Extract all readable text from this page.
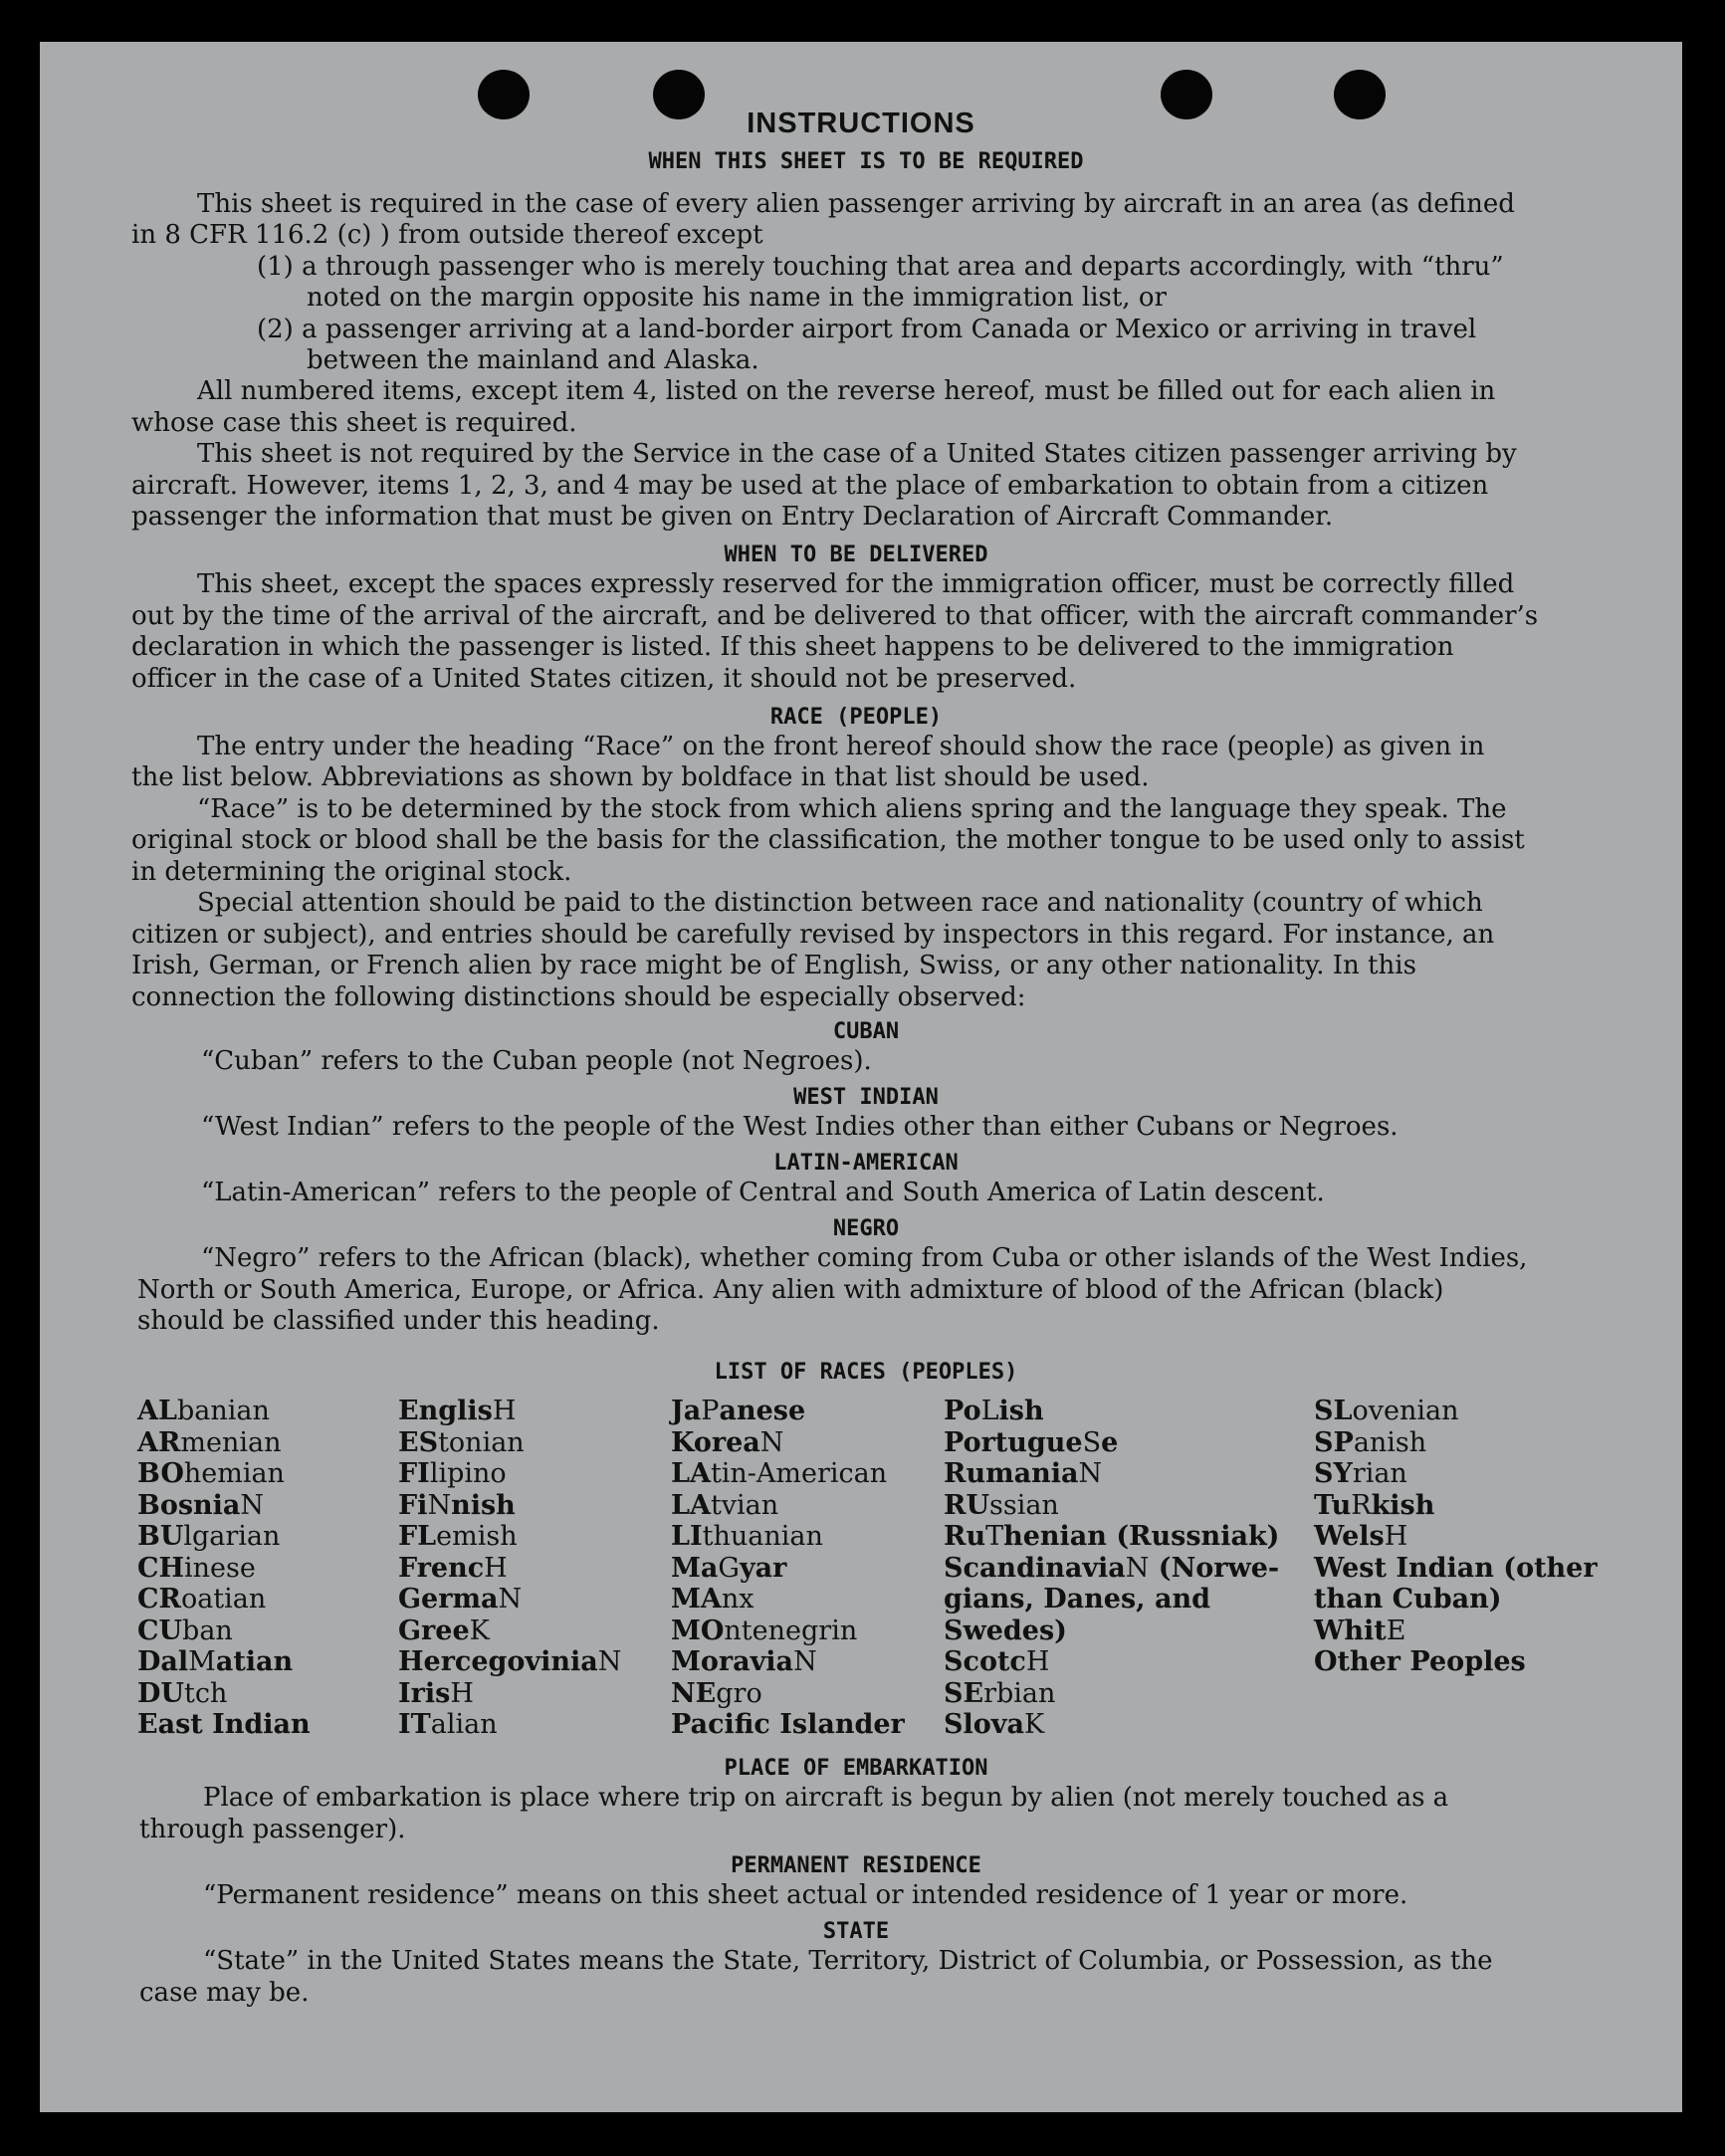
INSTRUCTIONS
WHEN THIS SHEET IS TO BE REQUIRED
This sheet is required in the case of every alien passenger arriving by aircraft in an area (as defined
in 8 CFR 116.2 (c) ) from outside thereof except
(1) a through passenger who is merely touching that area and departs accordingly, with “thru”
noted on the margin opposite his name in the immigration list, or
(2) a passenger arriving at a land-border airport from Canada or Mexico or arriving in travel
between the mainland and Alaska.
All numbered items, except item 4, listed on the reverse hereof, must be filled out for each alien in
whose case this sheet is required.
This sheet is not required by the Service in the case of a United States citizen passenger arriving by
aircraft. However, items 1, 2, 3, and 4 may be used at the place of embarkation to obtain from a citizen
passenger the information that must be given on Entry Declaration of Aircraft Commander.
WHEN TO BE DELIVERED
This sheet, except the spaces expressly reserved for the immigration officer, must be correctly filled
out by the time of the arrival of the aircraft, and be delivered to that officer, with the aircraft commander’s
declaration in which the passenger is listed. If this sheet happens to be delivered to the immigration
officer in the case of a United States citizen, it should not be preserved.
RACE (PEOPLE)
The entry under the heading “Race” on the front hereof should show the race (people) as given in
the list below. Abbreviations as shown by boldface in that list should be used.
“Race” is to be determined by the stock from which aliens spring and the language they speak. The
original stock or blood shall be the basis for the classification, the mother tongue to be used only to assist
in determining the original stock.
Special attention should be paid to the distinction between race and nationality (country of which
citizen or subject), and entries should be carefully revised by inspectors in this regard. For instance, an
Irish, German, or French alien by race might be of English, Swiss, or any other nationality. In this
connection the following distinctions should be especially observed:
CUBAN
“Cuban” refers to the Cuban people (not Negroes).
WEST INDIAN
“West Indian” refers to the people of the West Indies other than either Cubans or Negroes.
LATIN-AMERICAN
“Latin-American” refers to the people of Central and South America of Latin descent.
NEGRO
“Negro” refers to the African (black), whether coming from Cuba or other islands of the West Indies,
North or South America, Europe, or Africa. Any alien with admixture of blood of the African (black)
should be classified under this heading.
LIST OF RACES (PEOPLES)
ALbanian
ARmenian
BOhemian
BosniaN
BUlgarian
CHinese
CRoatian
CUban
DalMatian
DUtch
East Indian
EnglisH
EStonian
FIlipino
FiNnish
FLemish
FrencH
GermaN
GreeK
HercegoviniaN
IrisH
ITalian
JaPanese
KoreaN
LAtin-American
LAtvian
LIthuanian
MaGyar
MAnx
MOntenegrin
MoraviaN
NEgro
Pacific Islander
PoLish
PortugueSe
RumaniaN
RUssian
RuThenian (Russniak)
ScandinaviaN (Norwe-
gians, Danes, and
Swedes)
ScotcH
SErbian
SlovaK
SLovenian
SPanish
SYrian
TuRkish
WelsH
West Indian (other
than Cuban)
WhitE
Other Peoples
PLACE OF EMBARKATION
Place of embarkation is place where trip on aircraft is begun by alien (not merely touched as a
through passenger).
PERMANENT RESIDENCE
“Permanent residence” means on this sheet actual or intended residence of 1 year or more.
STATE
“State” in the United States means the State, Territory, District of Columbia, or Possession, as the
case may be.
